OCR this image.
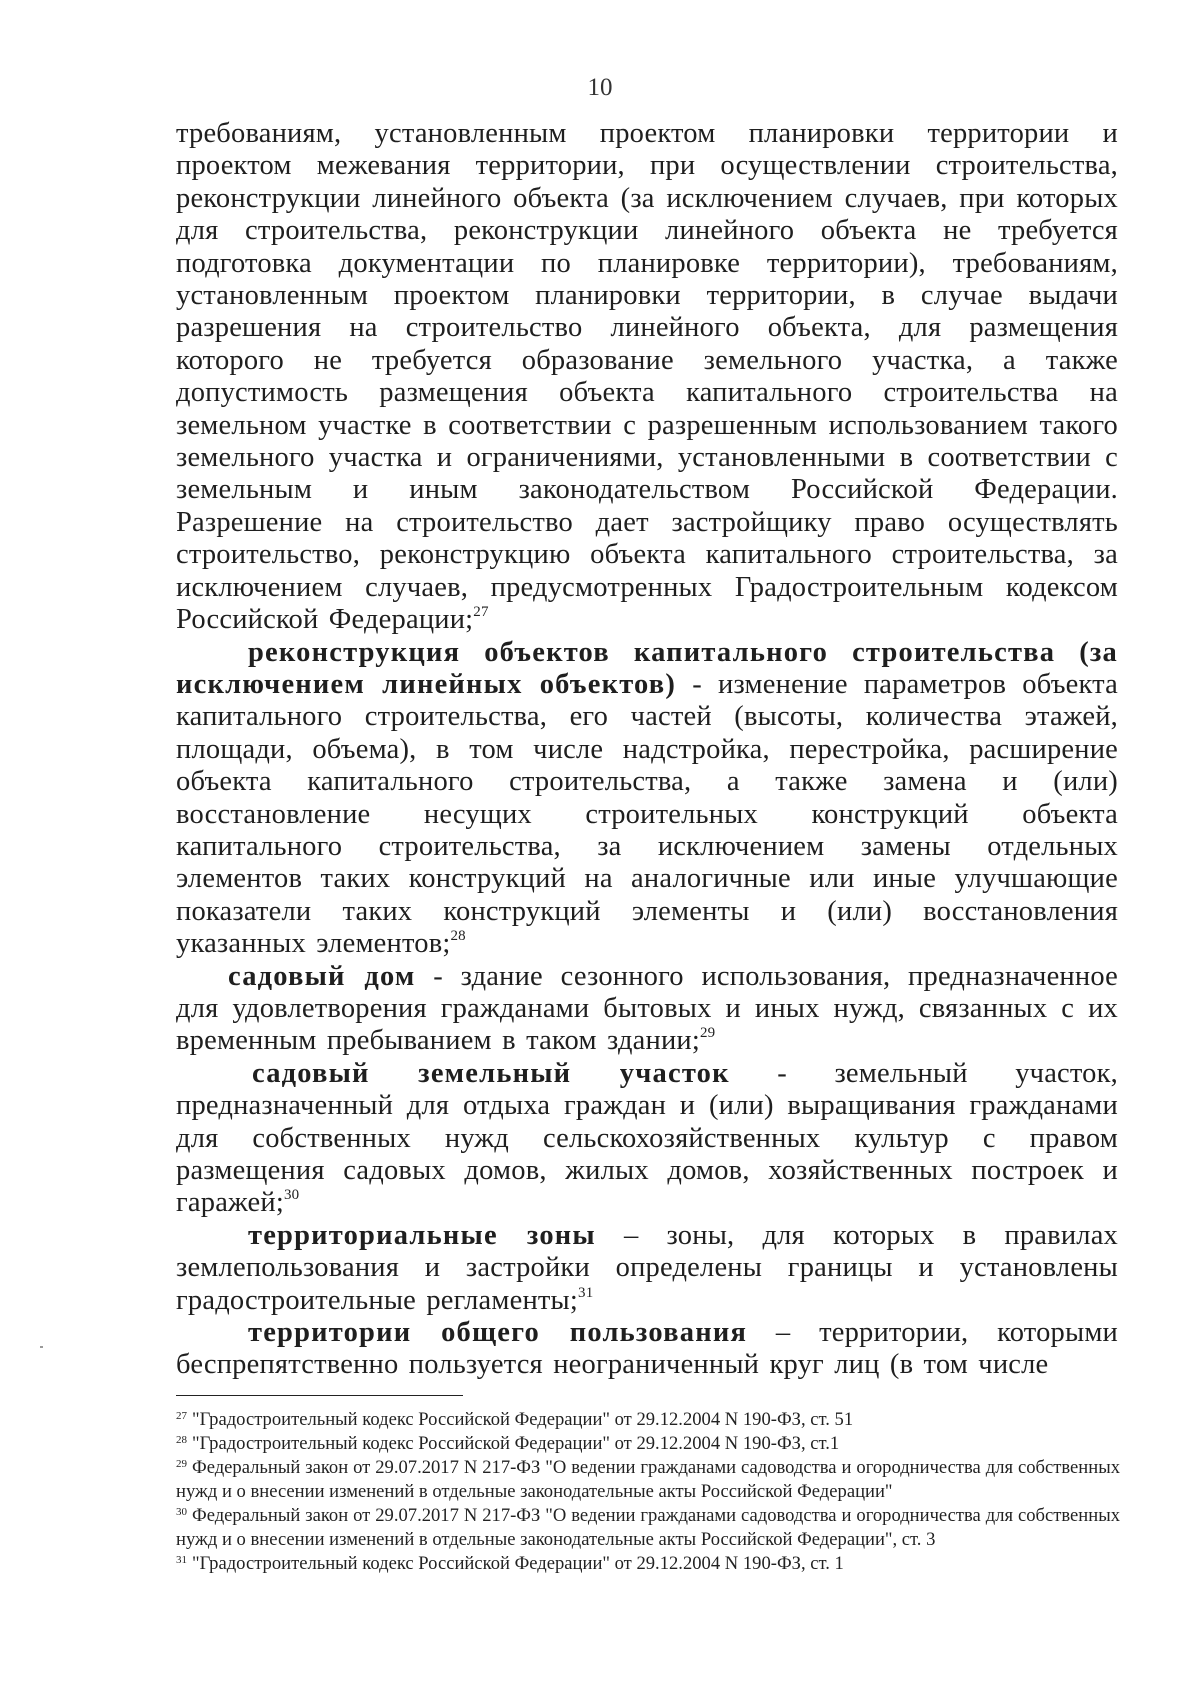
10

требованиям, установленным проектом планировки территории и проектом межевания территории, при осуществлении строительства, реконструкции линейного объекта (за исключением случаев, при которых для строительства, реконструкции линейного объекта не требуется подготовка документации по планировке территории), требованиям, установленным проектом планировки территории, в случае выдачи разрешения на строительство линейного объекта, для размещения которого не требуется образование земельного участка, а также допустимость размещения объекта капитального строительства на земельном участке в соответствии с разрешенным использованием такого земельного участка и ограничениями, установленными в соответствии с земельным и иным законодательством Российской Федерации. Разрешение на строительство дает застройщику право осуществлять строительство, реконструкцию объекта капитального строительства, за исключением случаев, предусмотренных Градостроительным кодексом Российской Федерации;$^{27}$

реконструкция объектов капитального строительства (за исключением линейных объектов) - изменение параметров объекта капитального строительства, его частей (высоты, количества этажей, площади, объема), в том числе надстройка, перестройка, расширение объекта капитального строительства, а также замена и (или) восстановление несущих строительных конструкций объекта капитального строительства, за исключением замены отдельных элементов таких конструкций на аналогичные или иные улучшающие показатели таких конструкций элементы и (или) восстановления указанных элементов;$^{28}$

садовый дом - здание сезонного использования, предназначенное для удовлетворения гражданами бытовых и иных нужд, связанных с их временным пребыванием в таком здании;$^{29}$

садовый земельный участок - земельный участок, предназначенный для отдыха граждан и (или) выращивания гражданами для собственных нужд сельскохозяйственных культур с правом размещения садовых домов, жилых домов, хозяйственных построек и гаражей;$^{30}$

территориальные зоны – зоны, для которых в правилах землепользования и застройки определены границы и установлены градостроительные регламенты;$^{31}$

территории общего пользования – территории, которыми беспрепятственно пользуется неограниченный круг лиц (в том числе

$^{27}$ "Градостроительный кодекс Российской Федерации" от 29.12.2004 N 190-ФЗ, ст. 51

$^{28}$ "Градостроительный кодекс Российской Федерации" от 29.12.2004 N 190-ФЗ, ст.1

$^{29}$ Федеральный закон от 29.07.2017 N 217-ФЗ "О ведении гражданами садоводства и огородничества для собственных нужд и о внесении изменений в отдельные законодательные акты Российской Федерации"

$^{30}$ Федеральный закон от 29.07.2017 N 217-ФЗ "О ведении гражданами садоводства и огородничества для собственных нужд и о внесении изменений в отдельные законодательные акты Российской Федерации", ст. 3

$^{31}$ "Градостроительный кодекс Российской Федерации" от 29.12.2004 N 190-ФЗ, ст. 1
